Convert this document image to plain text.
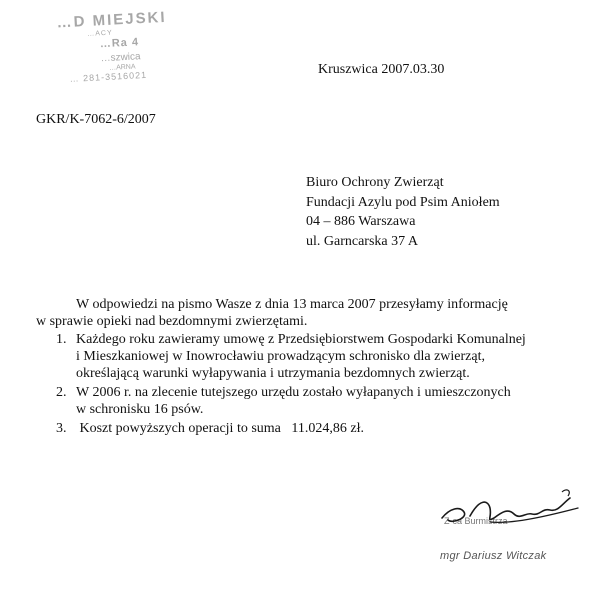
…D MIEJSKI
…ACY
…Ra 4
…szwica
…ARNA
… 281-3516021	Kruszwica 2007.03.30
GKR/K-7062-6/2007
Biuro Ochrony Zwierząt
Fundacji Azylu pod Psim Aniołem
04 – 886 Warszawa
ul. Garncarska 37 A
W odpowiedzi na pismo Wasze z dnia 13 marca 2007 przesyłamy informację
w sprawie opieki nad bezdomnymi zwierzętami.
1. Każdego roku zawieramy umowę z Przedsiębiorstwem Gospodarki Komunalnej
i Mieszkaniowej w Inowrocławiu prowadzącym schronisko dla zwierząt,
określającą warunki wyłapywania i utrzymania bezdomnych zwierząt.
2. W 2006 r. na zlecenie tutejszego urzędu zostało wyłapanych i umieszczonych
w schronisku 16 psów.
3. Koszt powyższych operacji to suma   11.024,86 zł.
Z-ca Burmistrza
mgr Dariusz Witczak
